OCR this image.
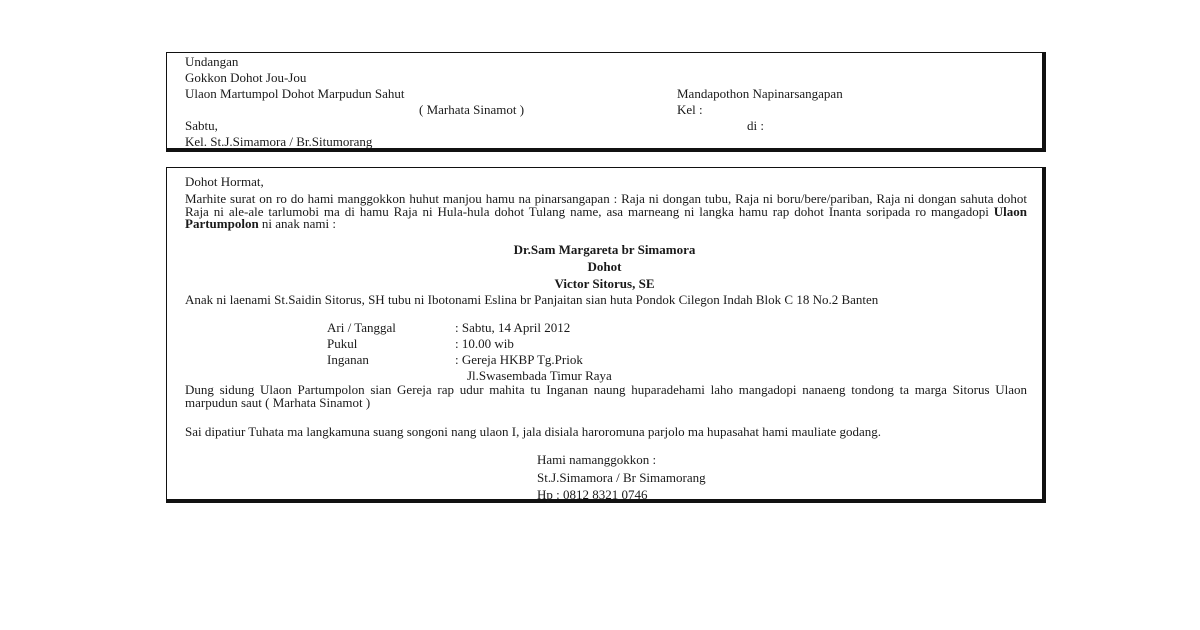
Undangan
Gokkon Dohot Jou-Jou
Ulaon Martumpol Dohot Marpudun Sahut	Mandapothon Napinarsangapan
( Marhata Sinamot )	Kel :
Sabtu,	di :
Kel. St.J.Simamora / Br.Situmorang
Dohot Hormat,
Marhite surat on ro do hami manggokkon huhut manjou hamu na pinarsangapan : Raja ni dongan tubu, Raja ni boru/bere/pariban, Raja ni dongan sahuta dohot Raja ni ale-ale tarlumobi ma di hamu Raja ni Hula-hula dohot Tulang name, asa marneang ni langka hamu rap dohot Inanta soripada ro mangadopi Ulaon Partumpolon ni anak nami :
Dr.Sam Margareta br Simamora
Dohot
Victor Sitorus, SE
Anak ni laenami St.Saidin Sitorus, SH tubu ni Ibotonami Eslina br Panjaitan sian huta Pondok Cilegon Indah Blok C 18 No.2 Banten
Ari / Tanggal	: Sabtu, 14 April 2012
Pukul	: 10.00 wib
Inganan	: Gereja HKBP Tg.Priok
Jl.Swasembada Timur Raya
Dung sidung Ulaon Partumpolon sian Gereja rap udur mahita tu Inganan naung huparadehami laho mangadopi nanaeng tondong ta marga Sitorus Ulaon marpudun saut ( Marhata Sinamot )
Sai dipatiur Tuhata ma langkamuna suang songoni nang ulaon I, jala disiala haroromuna parjolo ma hupasahat hami mauliate godang.
Hami namanggokkon :
St.J.Simamora / Br Simamorang
Hp : 0812 8321 0746
